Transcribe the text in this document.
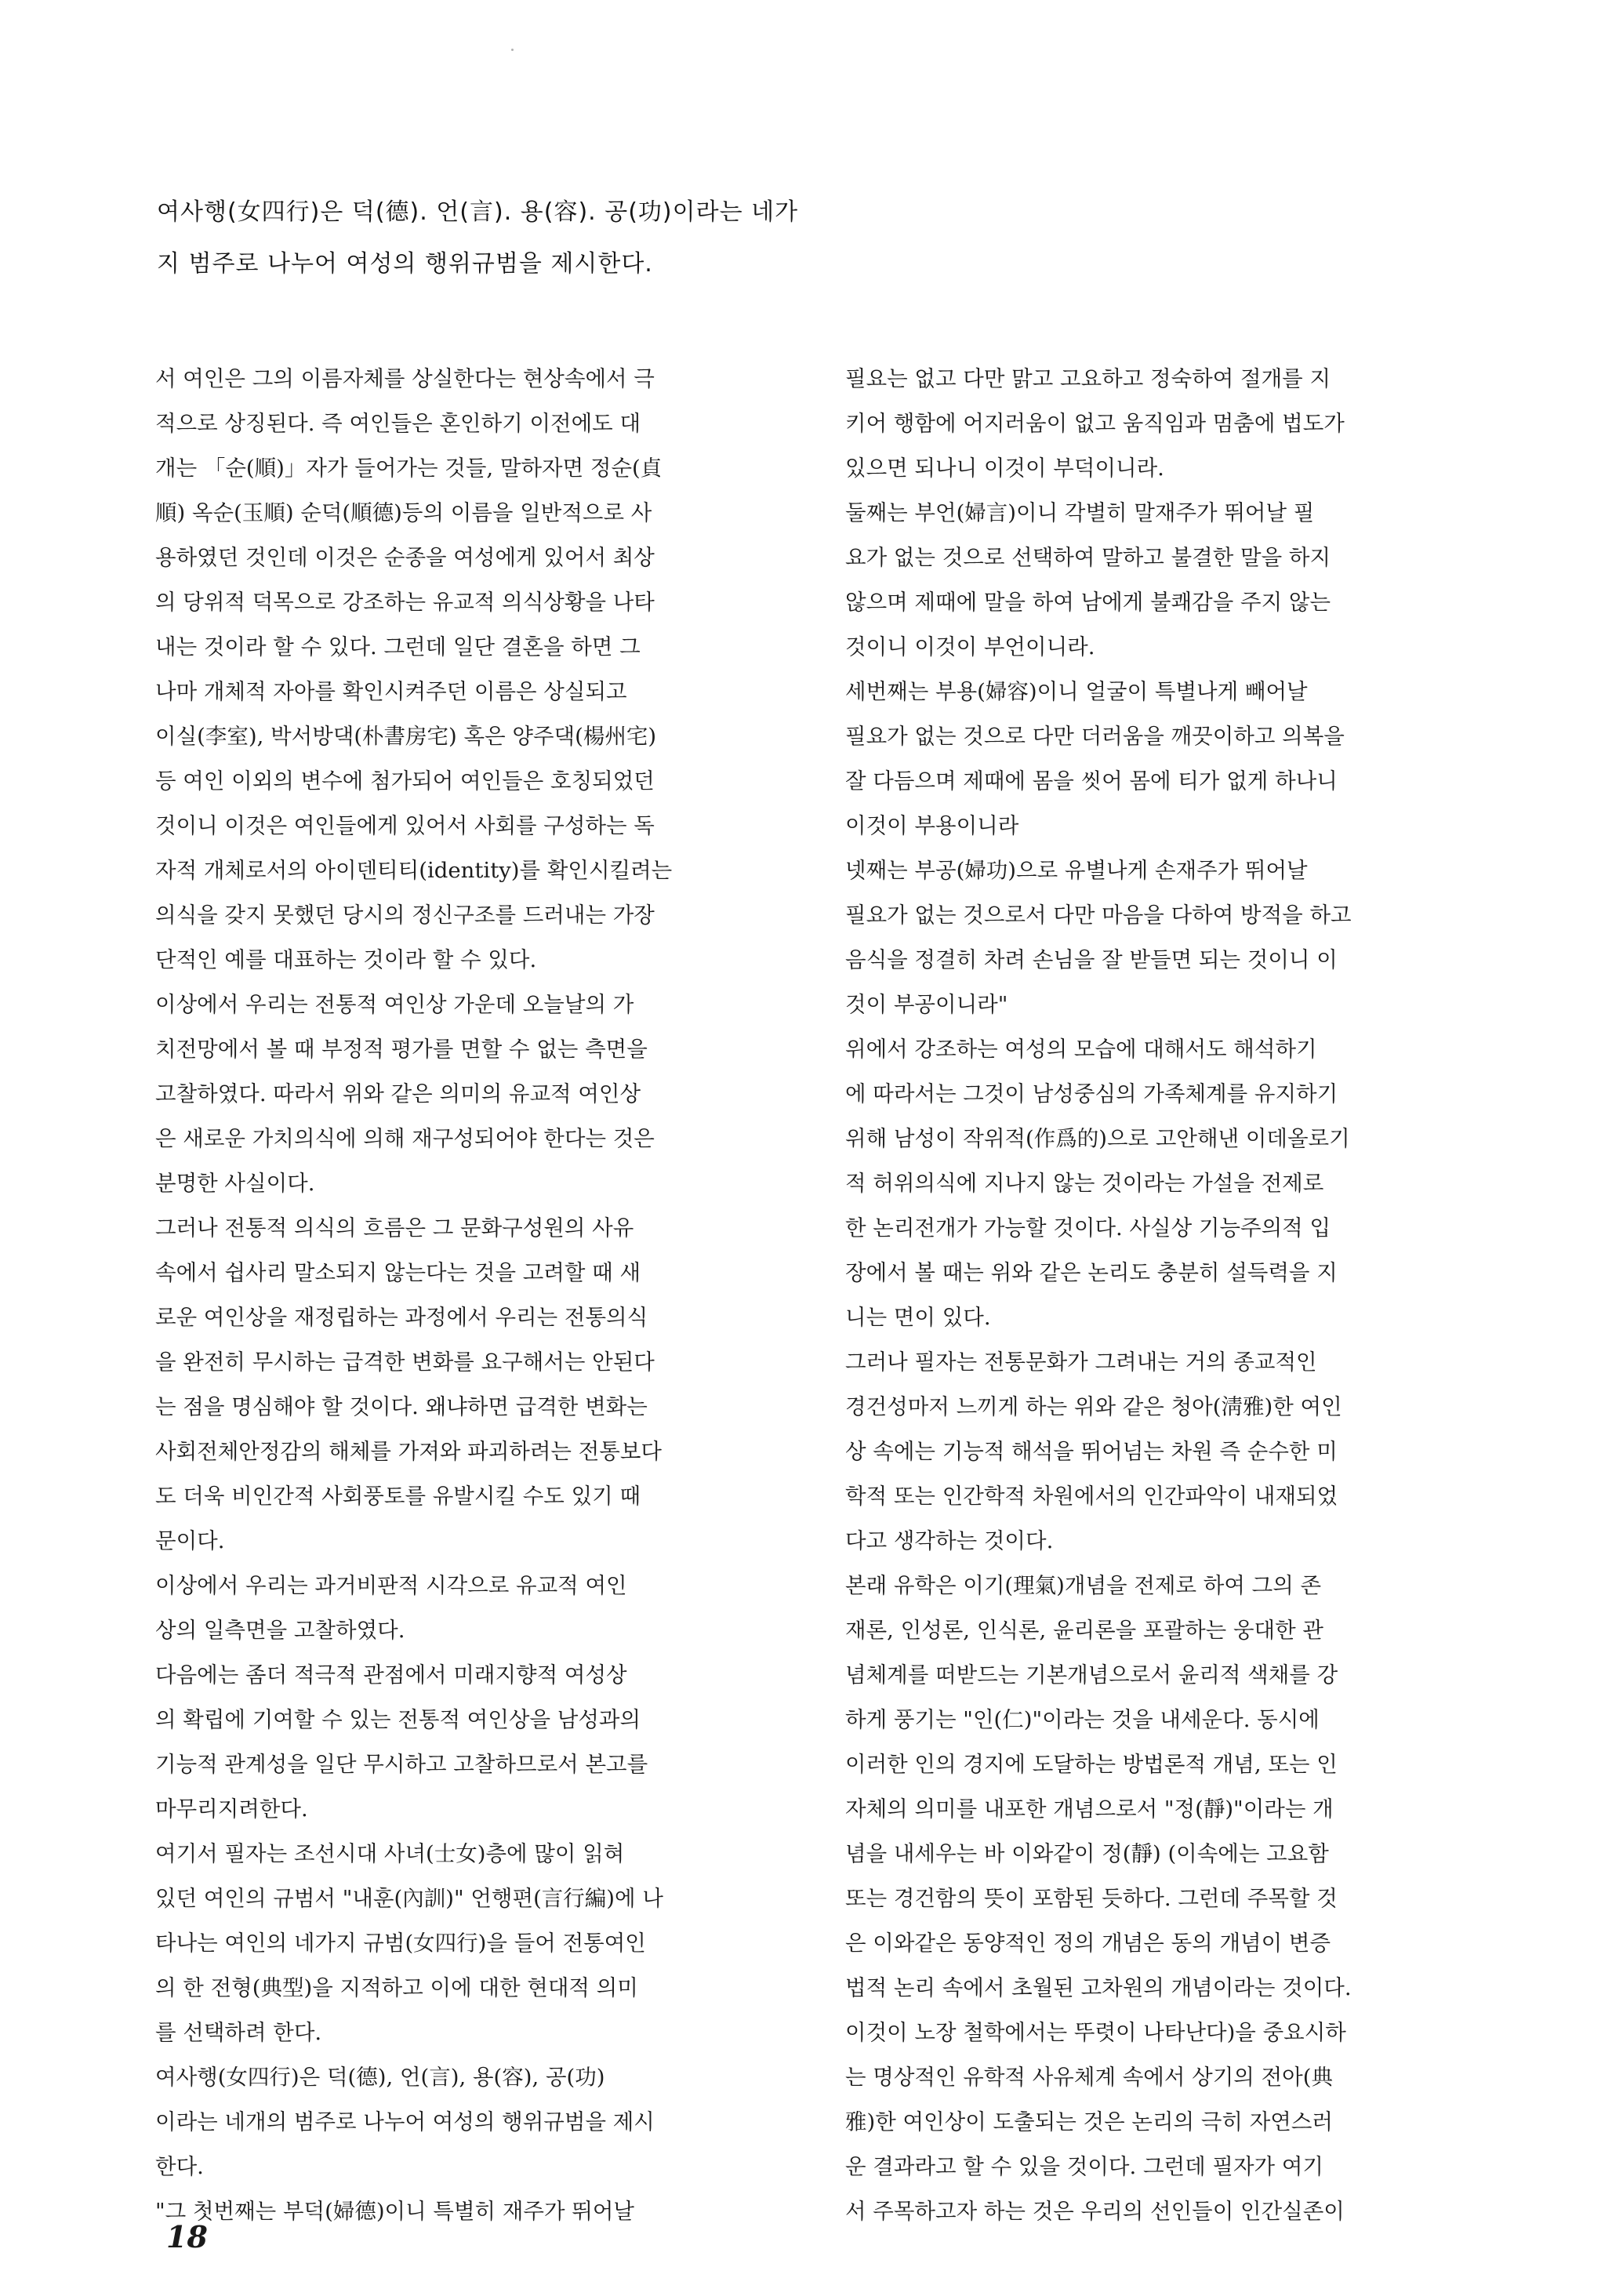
여사행(女四行)은 덕(德). 언(言). 용(容). 공(功)이라는 네가
지 범주로 나누어 여성의 행위규범을 제시한다.
서 여인은 그의 이름자체를 상실한다는 현상속에서 극
적으로 상징된다. 즉 여인들은 혼인하기 이전에도 대
개는 「순(順)」자가 들어가는 것들, 말하자면 정순(貞
順) 옥순(玉順) 순덕(順德)등의 이름을 일반적으로 사
용하였던 것인데 이것은 순종을 여성에게 있어서 최상
의 당위적 덕목으로 강조하는 유교적 의식상황을 나타
내는 것이라 할 수 있다. 그런데 일단 결혼을 하면 그
나마 개체적 자아를 확인시켜주던 이름은 상실되고
이실(李室), 박서방댁(朴書房宅) 혹은 양주댁(楊州宅)
등 여인 이외의 변수에 첨가되어 여인들은 호칭되었던
것이니 이것은 여인들에게 있어서 사회를 구성하는 독
자적 개체로서의 아이덴티티(identity)를 확인시킬려는
의식을 갖지 못했던 당시의 정신구조를 드러내는 가장
단적인 예를 대표하는 것이라 할 수 있다.
이상에서 우리는 전통적 여인상 가운데 오늘날의 가
치전망에서 볼 때 부정적 평가를 면할 수 없는 측면을
고찰하였다. 따라서 위와 같은 의미의 유교적 여인상
은 새로운 가치의식에 의해 재구성되어야 한다는 것은
분명한 사실이다.
그러나 전통적 의식의 흐름은 그 문화구성원의 사유
속에서 쉽사리 말소되지 않는다는 것을 고려할 때 새
로운 여인상을 재정립하는 과정에서 우리는 전통의식
을 완전히 무시하는 급격한 변화를 요구해서는 안된다
는 점을 명심해야 할 것이다. 왜냐하면 급격한 변화는
사회전체안정감의 해체를 가져와 파괴하려는 전통보다
도 더욱 비인간적 사회풍토를 유발시킬 수도 있기 때
문이다.
이상에서 우리는 과거비판적 시각으로 유교적 여인
상의 일측면을 고찰하였다.
다음에는 좀더 적극적 관점에서 미래지향적 여성상
의 확립에 기여할 수 있는 전통적 여인상을 남성과의
기능적 관계성을 일단 무시하고 고찰하므로서 본고를
마무리지려한다.
여기서 필자는 조선시대 사녀(士女)층에 많이 읽혀
있던 여인의 규범서 "내훈(內訓)" 언행편(言行編)에 나
타나는 여인의 네가지 규범(女四行)을 들어 전통여인
의 한 전형(典型)을 지적하고 이에 대한 현대적 의미
를 선택하려 한다.
여사행(女四行)은 덕(德), 언(言), 용(容), 공(功)
이라는 네개의 범주로 나누어 여성의 행위규범을 제시
한다.
"그 첫번째는 부덕(婦德)이니 특별히 재주가 뛰어날
필요는 없고 다만 맑고 고요하고 정숙하여 절개를 지
키어 행함에 어지러움이 없고 움직임과 멈춤에 법도가
있으면 되나니 이것이 부덕이니라.
둘째는 부언(婦言)이니 각별히 말재주가 뛰어날 필
요가 없는 것으로 선택하여 말하고 불결한 말을 하지
않으며 제때에 말을 하여 남에게 불쾌감을 주지 않는
것이니 이것이 부언이니라.
세번째는 부용(婦容)이니 얼굴이 특별나게 빼어날
필요가 없는 것으로 다만 더러움을 깨끗이하고 의복을
잘 다듬으며 제때에 몸을 씻어 몸에 티가 없게 하나니
이것이 부용이니라
넷째는 부공(婦功)으로 유별나게 손재주가 뛰어날
필요가 없는 것으로서 다만 마음을 다하여 방적을 하고
음식을 정결히 차려 손님을 잘 받들면 되는 것이니 이
것이 부공이니라"
위에서 강조하는 여성의 모습에 대해서도 해석하기
에 따라서는 그것이 남성중심의 가족체계를 유지하기
위해 남성이 작위적(作爲的)으로 고안해낸 이데올로기
적 허위의식에 지나지 않는 것이라는 가설을 전제로
한 논리전개가 가능할 것이다. 사실상 기능주의적 입
장에서 볼 때는 위와 같은 논리도 충분히 설득력을 지
니는 면이 있다.
그러나 필자는 전통문화가 그려내는 거의 종교적인
경건성마저 느끼게 하는 위와 같은 청아(淸雅)한 여인
상 속에는 기능적 해석을 뛰어넘는 차원 즉 순수한 미
학적 또는 인간학적 차원에서의 인간파악이 내재되었
다고 생각하는 것이다.
본래 유학은 이기(理氣)개념을 전제로 하여 그의 존
재론, 인성론, 인식론, 윤리론을 포괄하는 웅대한 관
념체계를 떠받드는 기본개념으로서 윤리적 색채를 강
하게 풍기는 "인(仁)"이라는 것을 내세운다. 동시에
이러한 인의 경지에 도달하는 방법론적 개념, 또는 인
자체의 의미를 내포한 개념으로서 "정(靜)"이라는 개
념을 내세우는 바 이와같이 정(靜) (이속에는 고요함
또는 경건함의 뜻이 포함된 듯하다. 그런데 주목할 것
은 이와같은 동양적인 정의 개념은 동의 개념이 변증
법적 논리 속에서 초월된 고차원의 개념이라는 것이다.
이것이 노장 철학에서는 뚜렷이 나타난다)을 중요시하
는 명상적인 유학적 사유체계 속에서 상기의 전아(典
雅)한 여인상이 도출되는 것은 논리의 극히 자연스러
운 결과라고 할 수 있을 것이다. 그런데 필자가 여기
서 주목하고자 하는 것은 우리의 선인들이 인간실존이
18
